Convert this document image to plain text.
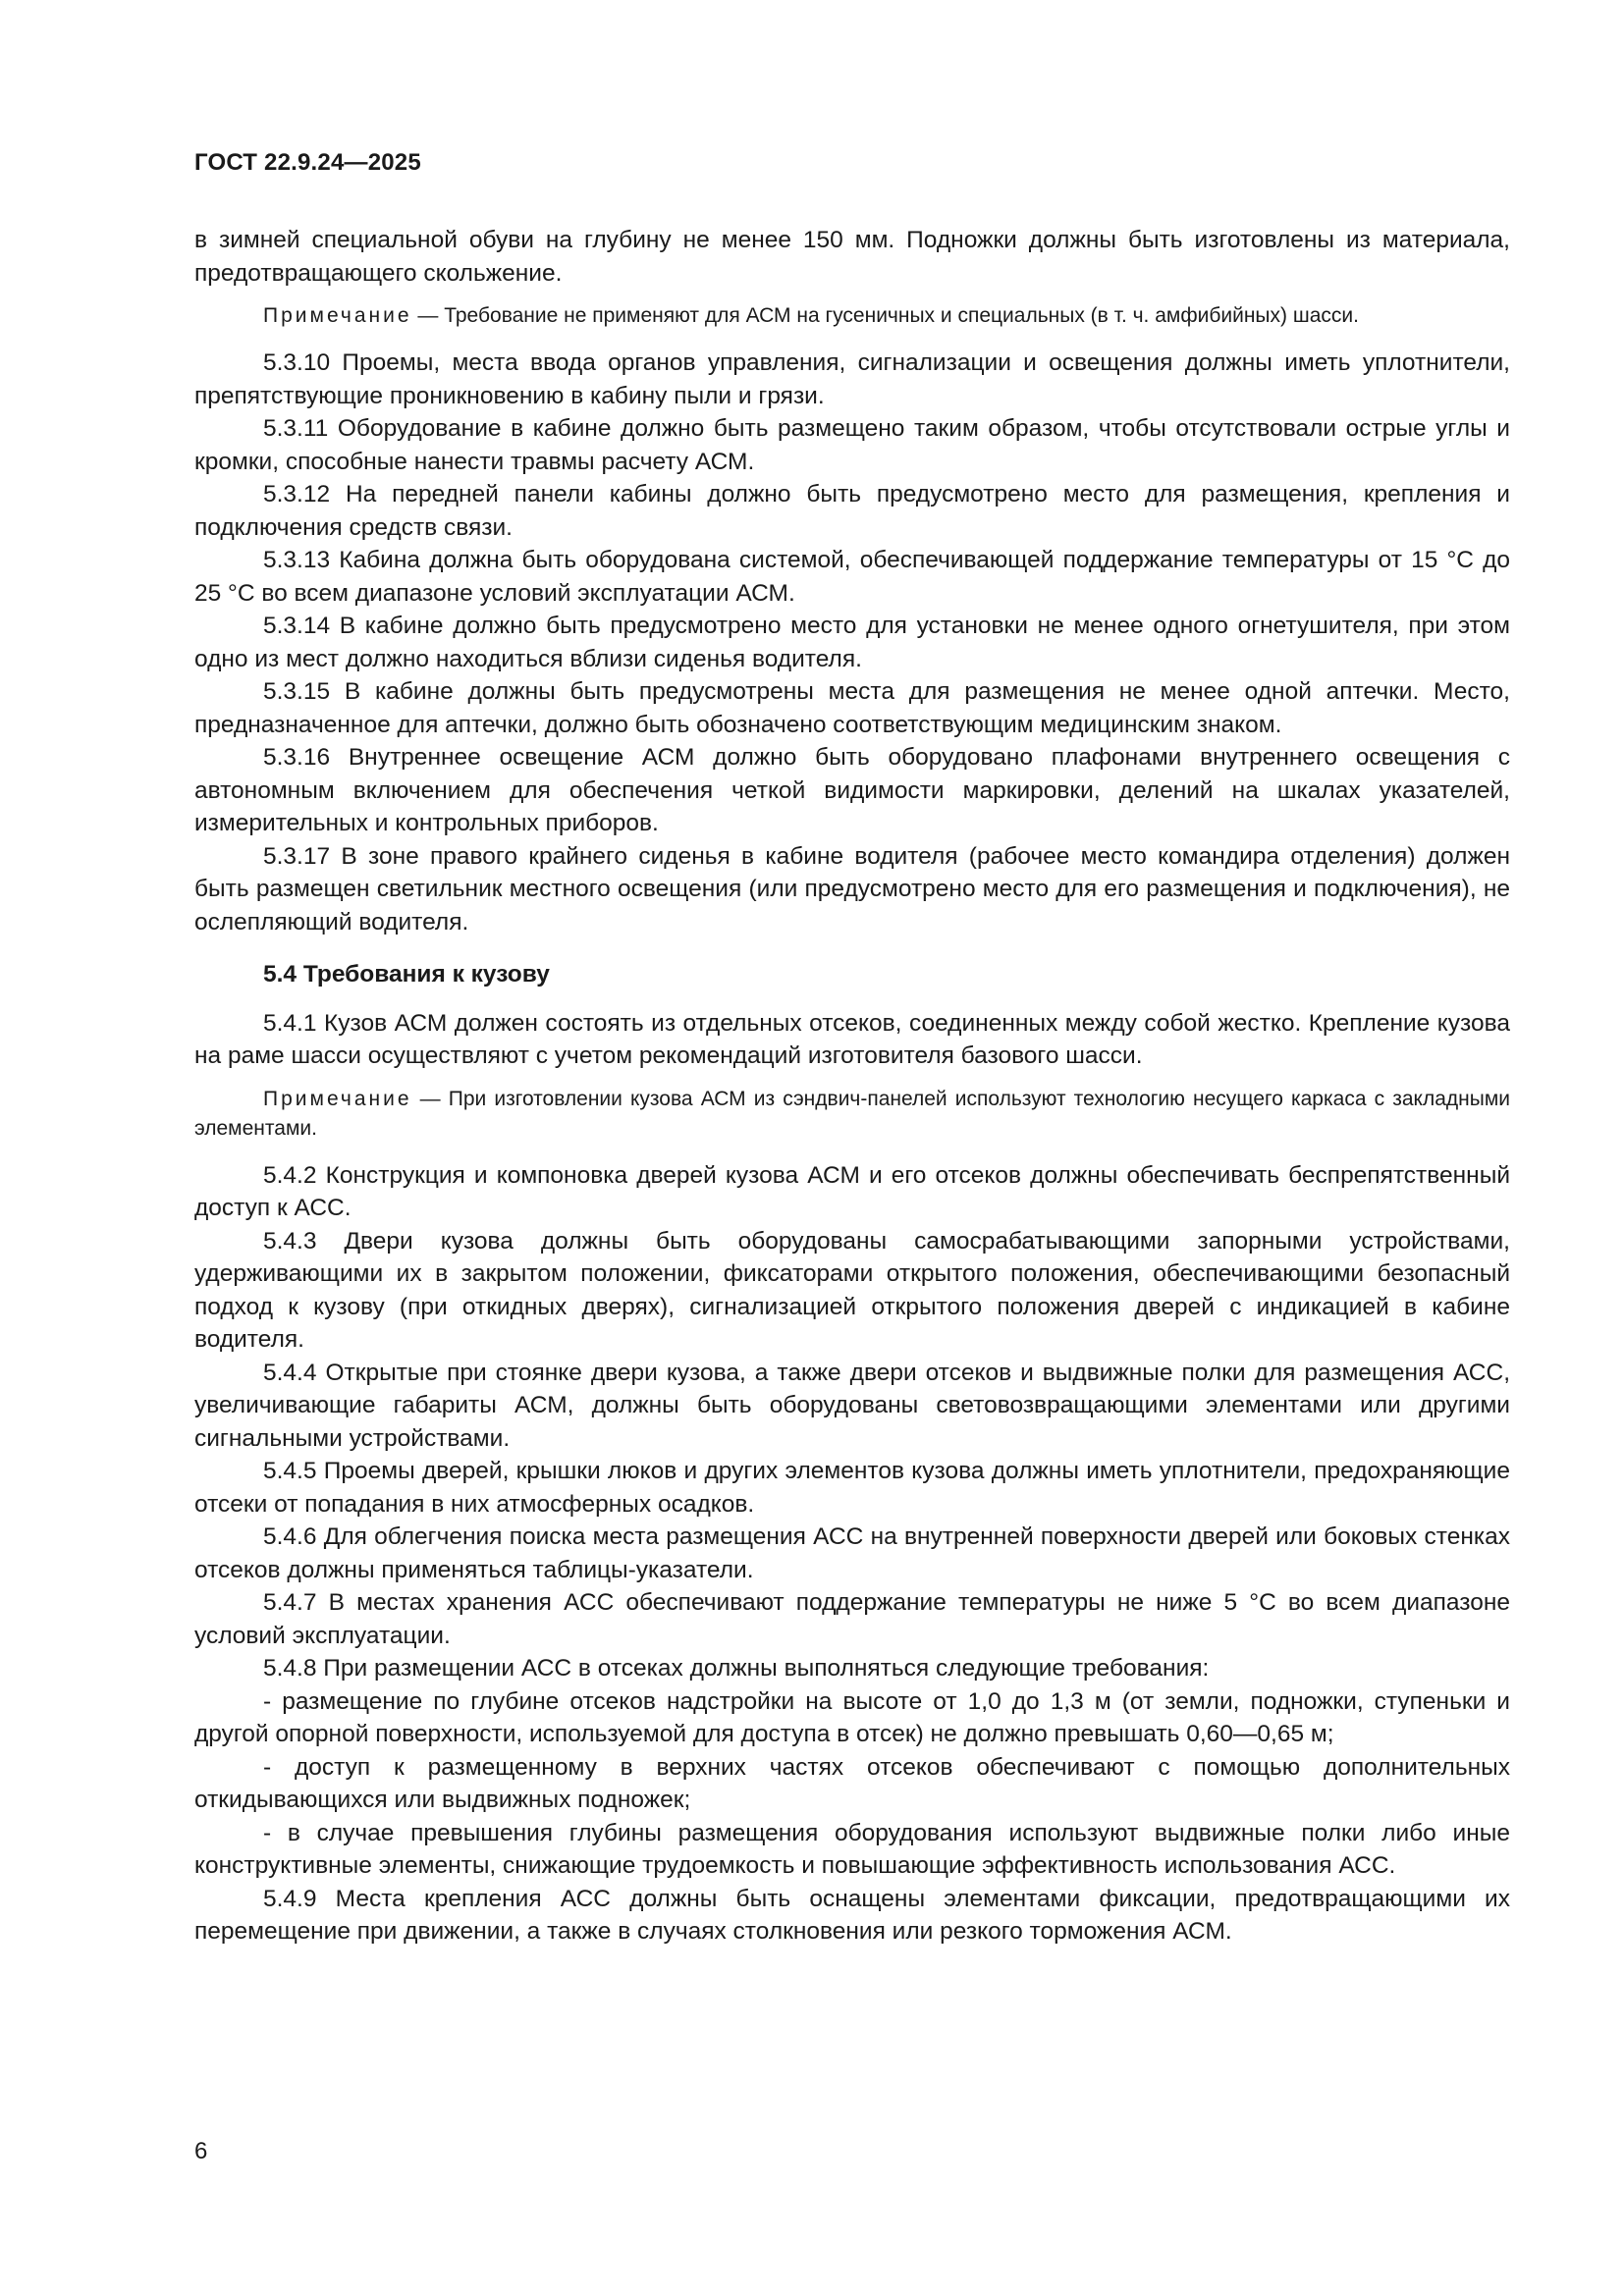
ГОСТ 22.9.24—2025

в зимней специальной обуви на глубину не менее 150 мм. Подножки должны быть изготовлены из материала, предотвращающего скольжение.

Примечание — Требование не применяют для АСМ на гусеничных и специальных (в т. ч. амфибийных) шасси.

5.3.10 Проемы, места ввода органов управления, сигнализации и освещения должны иметь уплотнители, препятствующие проникновению в кабину пыли и грязи.

5.3.11 Оборудование в кабине должно быть размещено таким образом, чтобы отсутствовали острые углы и кромки, способные нанести травмы расчету АСМ.

5.3.12 На передней панели кабины должно быть предусмотрено место для размещения, крепления и подключения средств связи.

5.3.13 Кабина должна быть оборудована системой, обеспечивающей поддержание температуры от 15 °С до 25 °С во всем диапазоне условий эксплуатации АСМ.

5.3.14 В кабине должно быть предусмотрено место для установки не менее одного огнетушителя, при этом одно из мест должно находиться вблизи сиденья водителя.

5.3.15 В кабине должны быть предусмотрены места для размещения не менее одной аптечки. Место, предназначенное для аптечки, должно быть обозначено соответствующим медицинским знаком.

5.3.16 Внутреннее освещение АСМ должно быть оборудовано плафонами внутреннего освещения с автономным включением для обеспечения четкой видимости маркировки, делений на шкалах указателей, измерительных и контрольных приборов.

5.3.17 В зоне правого крайнего сиденья в кабине водителя (рабочее место командира отделения) должен быть размещен светильник местного освещения (или предусмотрено место для его размещения и подключения), не ослепляющий водителя.

5.4 Требования к кузову

5.4.1 Кузов АСМ должен состоять из отдельных отсеков, соединенных между собой жестко. Крепление кузова на раме шасси осуществляют с учетом рекомендаций изготовителя базового шасси.

Примечание — При изготовлении кузова АСМ из сэндвич-панелей используют технологию несущего каркаса с закладными элементами.

5.4.2 Конструкция и компоновка дверей кузова АСМ и его отсеков должны обеспечивать беспрепятственный доступ к АСС.

5.4.3 Двери кузова должны быть оборудованы самосрабатывающими запорными устройствами, удерживающими их в закрытом положении, фиксаторами открытого положения, обеспечивающими безопасный подход к кузову (при откидных дверях), сигнализацией открытого положения дверей с индикацией в кабине водителя.

5.4.4 Открытые при стоянке двери кузова, а также двери отсеков и выдвижные полки для размещения АСС, увеличивающие габариты АСМ, должны быть оборудованы световозвращающими элементами или другими сигнальными устройствами.

5.4.5 Проемы дверей, крышки люков и других элементов кузова должны иметь уплотнители, предохраняющие отсеки от попадания в них атмосферных осадков.

5.4.6 Для облегчения поиска места размещения АСС на внутренней поверхности дверей или боковых стенках отсеков должны применяться таблицы-указатели.

5.4.7 В местах хранения АСС обеспечивают поддержание температуры не ниже 5 °С во всем диапазоне условий эксплуатации.

5.4.8 При размещении АСС в отсеках должны выполняться следующие требования:

- размещение по глубине отсеков надстройки на высоте от 1,0 до 1,3 м (от земли, подножки, ступеньки и другой опорной поверхности, используемой для доступа в отсек) не должно превышать 0,60—0,65 м;

- доступ к размещенному в верхних частях отсеков обеспечивают с помощью дополнительных откидывающихся или выдвижных подножек;

- в случае превышения глубины размещения оборудования используют выдвижные полки либо иные конструктивные элементы, снижающие трудоемкость и повышающие эффективность использования АСС.

5.4.9 Места крепления АСС должны быть оснащены элементами фиксации, предотвращающими их перемещение при движении, а также в случаях столкновения или резкого торможения АСМ.

6
